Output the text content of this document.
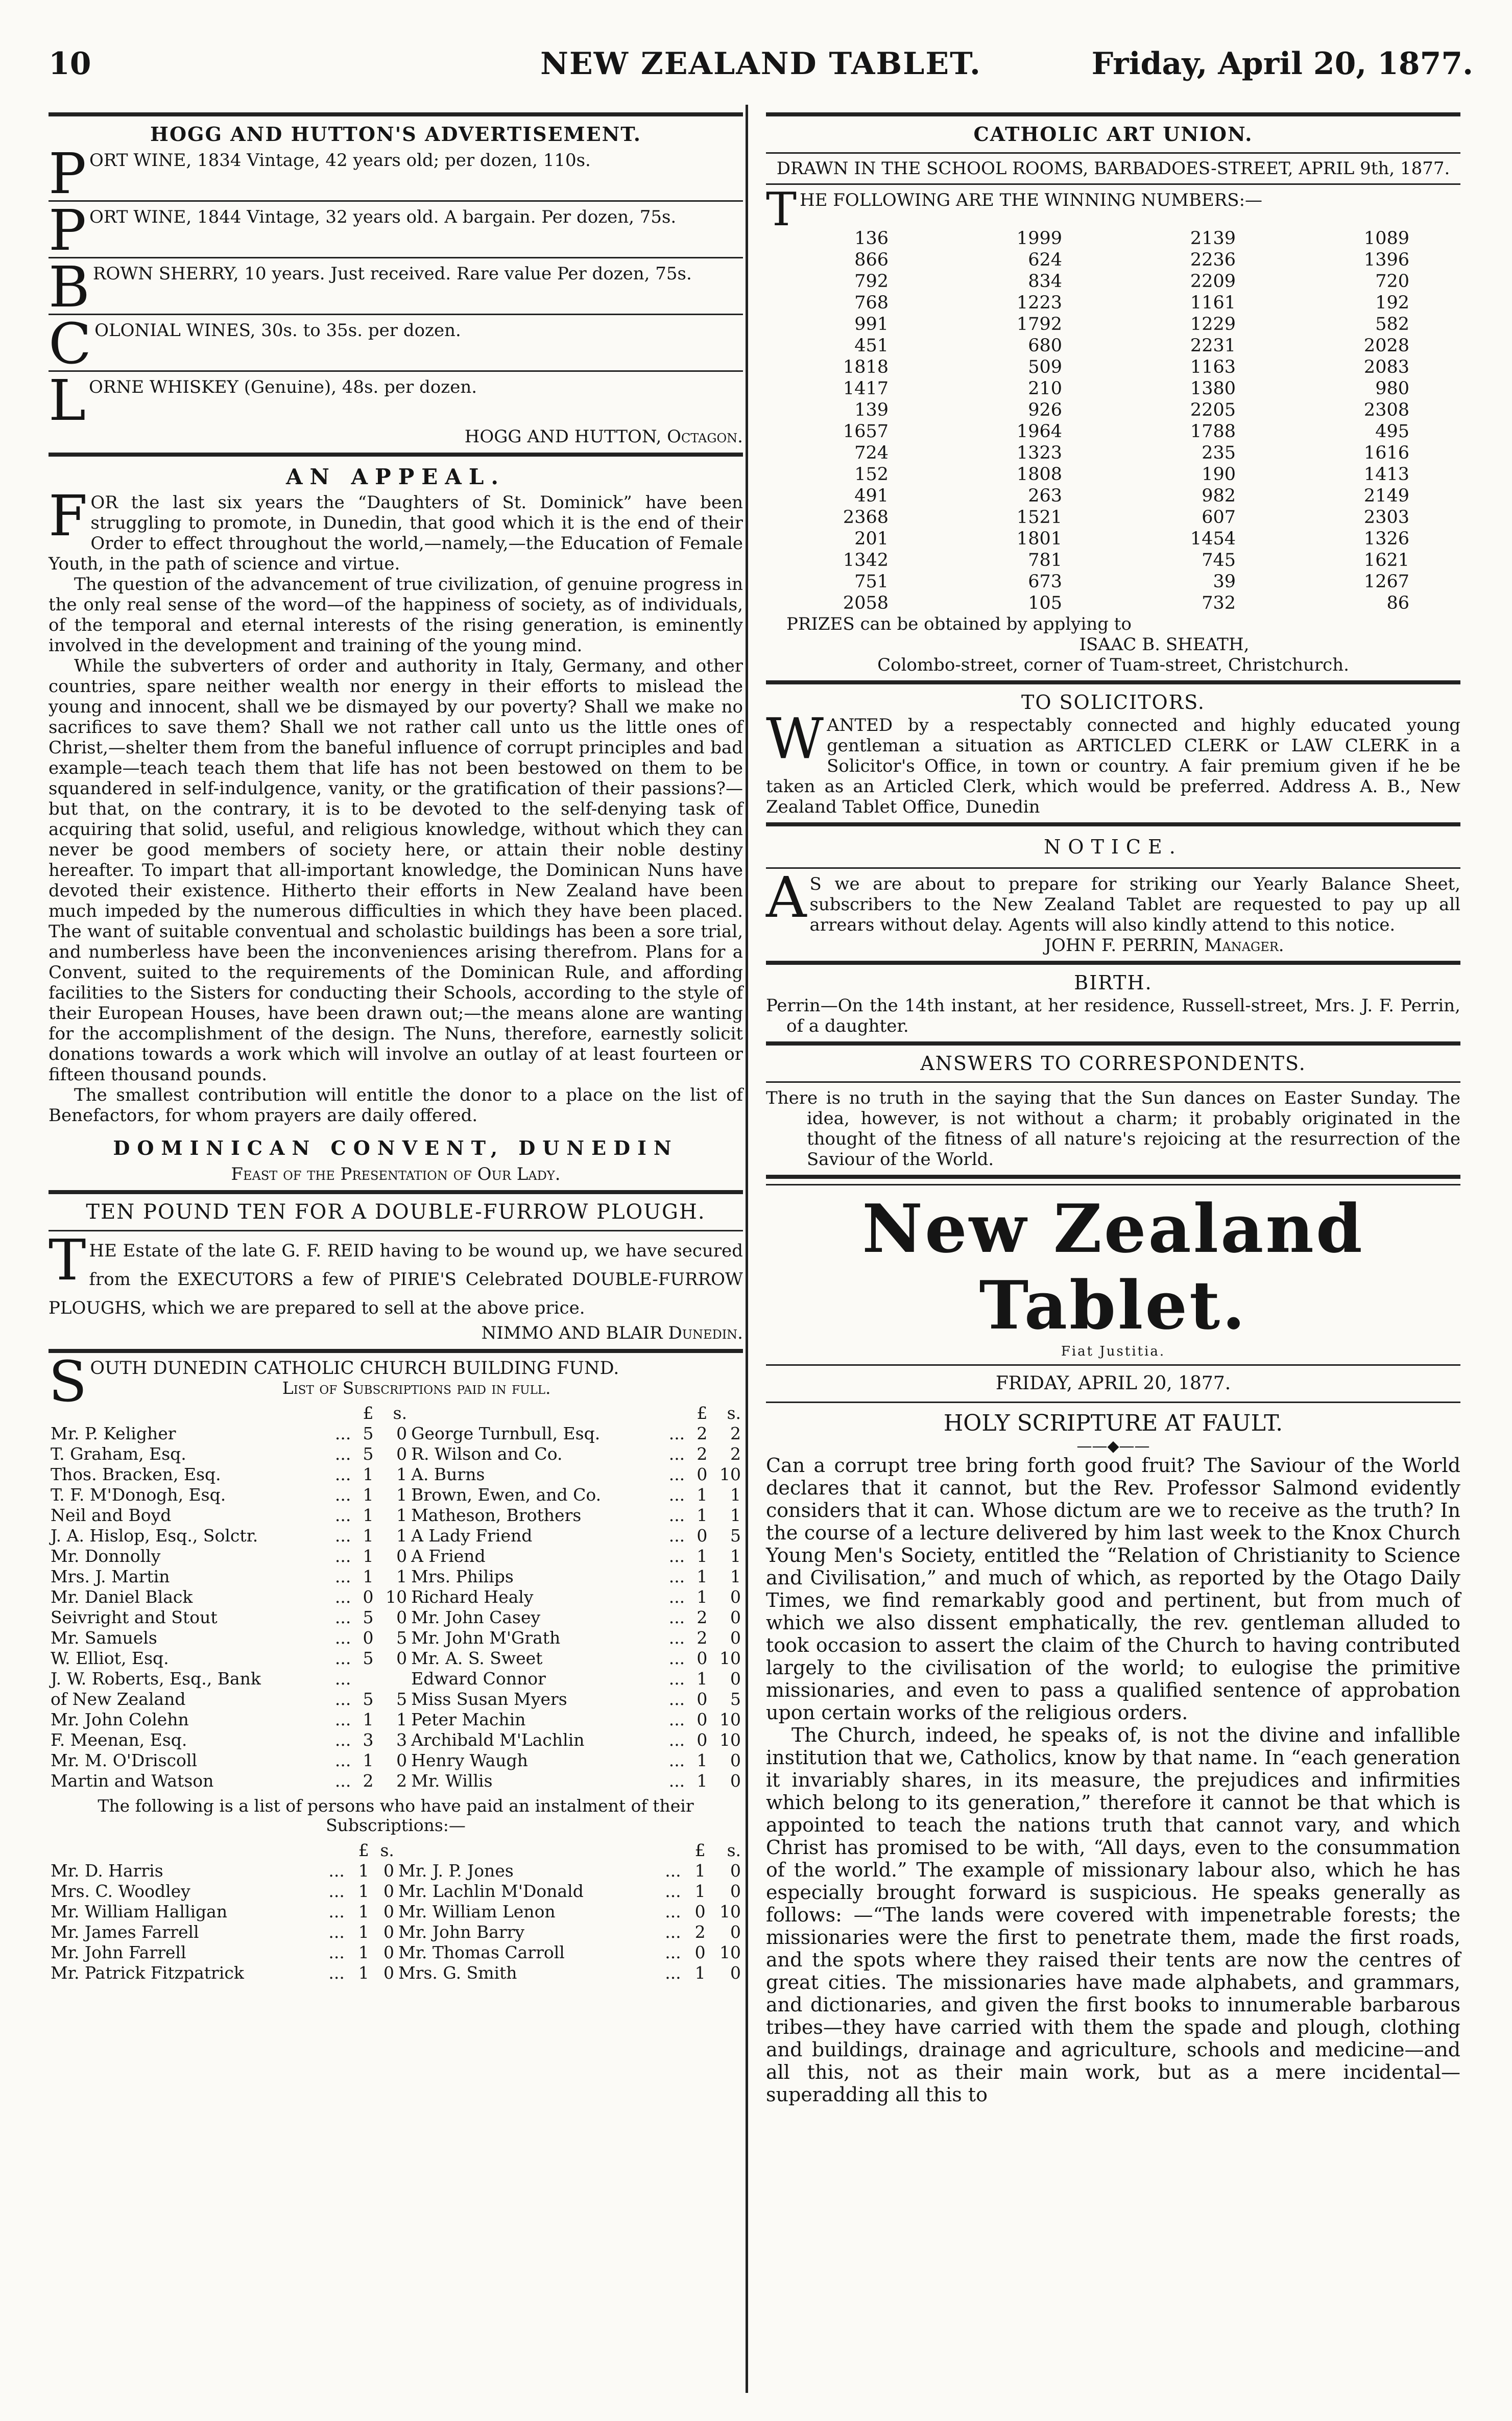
10	NEW ZEALAND TABLET.	Friday, April 20, 1877.
HOGG AND HUTTON'S ADVERTISEMENT.

PORT WINE, 1834 Vintage, 42 years old; per dozen, 110s.

PORT WINE, 1844 Vintage, 32 years old. A bargain. Per dozen, 75s.

BROWN SHERRY, 10 years. Just received. Rare value Per dozen, 75s.

COLONIAL WINES, 30s. to 35s. per dozen.

LORNE WHISKEY (Genuine), 48s. per dozen.

HOGG AND HUTTON, Octagon.
AN APPEAL.

FOR the last six years the “Daughters of St. Dominick” have been struggling to promote, in Dunedin, that good which it is the end of their Order to effect throughout the world,—namely,—the Education of Female Youth, in the path of science and virtue.

The question of the advancement of true civilization, of genuine progress in the only real sense of the word—of the happiness of society, as of individuals, of the temporal and eternal interests of the rising generation, is eminently involved in the development and training of the young mind.

While the subverters of order and authority in Italy, Germany, and other countries, spare neither wealth nor energy in their efforts to mislead the young and innocent, shall we be dismayed by our poverty? Shall we make no sacrifices to save them? Shall we not rather call unto us the little ones of Christ,—shelter them from the baneful influence of corrupt principles and bad example—teach teach them that life has not been bestowed on them to be squandered in self-indulgence, vanity, or the gratification of their passions?—but that, on the contrary, it is to be devoted to the self-denying task of acquiring that solid, useful, and religious knowledge, without which they can never be good members of society here, or attain their noble destiny hereafter. To impart that all-important knowledge, the Dominican Nuns have devoted their existence. Hitherto their efforts in New Zealand have been much impeded by the numerous difficulties in which they have been placed. The want of suitable conventual and scholastic buildings has been a sore trial, and numberless have been the inconveniences arising therefrom. Plans for a Convent, suited to the requirements of the Dominican Rule, and affording facilities to the Sisters for conducting their Schools, according to the style of their European Houses, have been drawn out;—the means alone are wanting for the accomplishment of the design. The Nuns, therefore, earnestly solicit donations towards a work which will involve an outlay of at least fourteen or fifteen thousand pounds.

The smallest contribution will entitle the donor to a place on the list of Benefactors, for whom prayers are daily offered.

DOMINICAN CONVENT, DUNEDIN
Feast of the Presentation of Our Lady.
TEN POUND TEN FOR A DOUBLE-FURROW PLOUGH.

THE Estate of the late G. F. REID having to be wound up, we have secured from the EXECUTORS a few of PIRIE'S Celebrated DOUBLE-FURROW PLOUGHS, which we are prepared to sell at the above price.

NIMMO AND BLAIR Dunedin.

SOUTH DUNEDIN CATHOLIC CHURCH BUILDING FUND.

List of Subscriptions paid in full.
		£	s.			£	s.
Mr. P. Keligher	...	5	0	George Turnbull, Esq.	...	2	2
T. Graham, Esq.	...	5	0	R. Wilson and Co.	...	2	2
Thos. Bracken, Esq.	...	1	1	A. Burns	...	0	10
T. F. M'Donogh, Esq.	...	1	1	Brown, Ewen, and Co.	...	1	1
Neil and Boyd	...	1	1	Matheson, Brothers	...	1	1
J. A. Hislop, Esq., Solctr.	...	1	1	A Lady Friend	...	0	5
Mr. Donnolly	...	1	0	A Friend	...	1	1
Mrs. J. Martin	...	1	1	Mrs. Philips	...	1	1
Mr. Daniel Black	...	0	10	Richard Healy	...	1	0
Seivright and Stout	...	5	0	Mr. John Casey	...	2	0
Mr. Samuels	...	0	5	Mr. John M'Grath	...	2	0
W. Elliot, Esq.	...	5	0	Mr. A. S. Sweet	...	0	10
J. W. Roberts, Esq., Bank	...			Edward Connor	...	1	0
of New Zealand	...	5	5	Miss Susan Myers	...	0	5
Mr. John Colehn	...	1	1	Peter Machin	...	0	10
F. Meenan, Esq.	...	3	3	Archibald M'Lachlin	...	0	10
Mr. M. O'Driscoll	...	1	0	Henry Waugh	...	1	0
Martin and Watson	...	2	2	Mr. Willis	...	1	0

The following is a list of persons who have paid an instalment of their Subscriptions:—

		£	s.			£	s.
Mr. D. Harris	...	1	0	Mr. J. P. Jones	...	1	0
Mrs. C. Woodley	...	1	0	Mr. Lachlin M'Donald	...	1	0
Mr. William Halligan	...	1	0	Mr. William Lenon	...	0	10
Mr. James Farrell	...	1	0	Mr. John Barry	...	2	0
Mr. John Farrell	...	1	0	Mr. Thomas Carroll	...	0	10
Mr. Patrick Fitzpatrick	...	1	0	Mrs. G. Smith	...	1	0
CATHOLIC ART UNION.

DRAWN IN THE SCHOOL ROOMS, BARBADOES-STREET, APRIL 9th, 1877.

THE FOLLOWING ARE THE WINNING NUMBERS:—

136	1999	2139	1089
866	624	2236	1396
792	834	2209	720
768	1223	1161	192
991	1792	1229	582
451	680	2231	2028
1818	509	1163	2083
1417	210	1380	980
139	926	2205	2308
1657	1964	1788	495
724	1323	235	1616
152	1808	190	1413
491	263	982	2149
2368	1521	607	2303
201	1801	1454	1326
1342	781	745	1621
751	673	39	1267
2058	105	732	86

PRIZES can be obtained by applying to

ISAAC B. SHEATH,

Colombo-street, corner of Tuam-street, Christchurch.

TO SOLICITORS.

WANTED by a respectably connected and highly educated young gentleman a situation as ARTICLED CLERK or LAW CLERK in a Solicitor's Office, in town or country. A fair premium given if he be taken as an Articled Clerk, which would be preferred. Address A. B., New Zealand Tablet Office, Dunedin

NOTICE.

A S we are about to prepare for striking our Yearly Balance Sheet, subscribers to the New Zealand Tablet are requested to pay up all arrears without delay. Agents will also kindly attend to this notice.

JOHN F. PERRIN, Manager.
BIRTH.

Perrin—On the 14th instant, at her residence, Russell-street, Mrs. J. F. Perrin, of a daughter.

ANSWERS TO CORRESPONDENTS.

There is no truth in the saying that the Sun dances on Easter Sunday. The idea, however, is not without a charm; it probably originated in the thought of the fitness of all nature's rejoicing at the resurrection of the Saviour of the World.

New Zealand Tablet.
Fiat Justitia.
FRIDAY, APRIL 20, 1877.
HOLY SCRIPTURE AT FAULT.
——◆——

Can a corrupt tree bring forth good fruit? The Saviour of the World declares that it cannot, but the Rev. Professor Salmond evidently considers that it can. Whose dictum are we to receive as the truth? In the course of a lecture delivered by him last week to the Knox Church Young Men's Society, entitled the “Relation of Christianity to Science and Civilisation,” and much of which, as reported by the Otago Daily Times, we find remarkably good and pertinent, but from much of which we also dissent emphatically, the rev. gentleman alluded to took occasion to assert the claim of the Church to having contributed largely to the civilisation of the world; to eulogise the primitive missionaries, and even to pass a qualified sentence of approbation upon certain works of the religious orders.

The Church, indeed, he speaks of, is not the divine and infallible institution that we, Catholics, know by that name. In “each generation it invariably shares, in its measure, the prejudices and infirmities which belong to its generation,” therefore it cannot be that which is appointed to teach the nations truth that cannot vary, and which Christ has promised to be with, “All days, even to the consummation of the world.” The example of missionary labour also, which he has especially brought forward is suspicious. He speaks generally as follows: —“The lands were covered with impenetrable forests; the missionaries were the first to penetrate them, made the first roads, and the spots where they raised their tents are now the centres of great cities. The missionaries have made alphabets, and grammars, and dictionaries, and given the first books to innumerable barbarous tribes—they have carried with them the spade and plough, clothing and buildings, drainage and agriculture, schools and medicine—and all this, not as their main work, but as a mere incidental—superadding all this to
